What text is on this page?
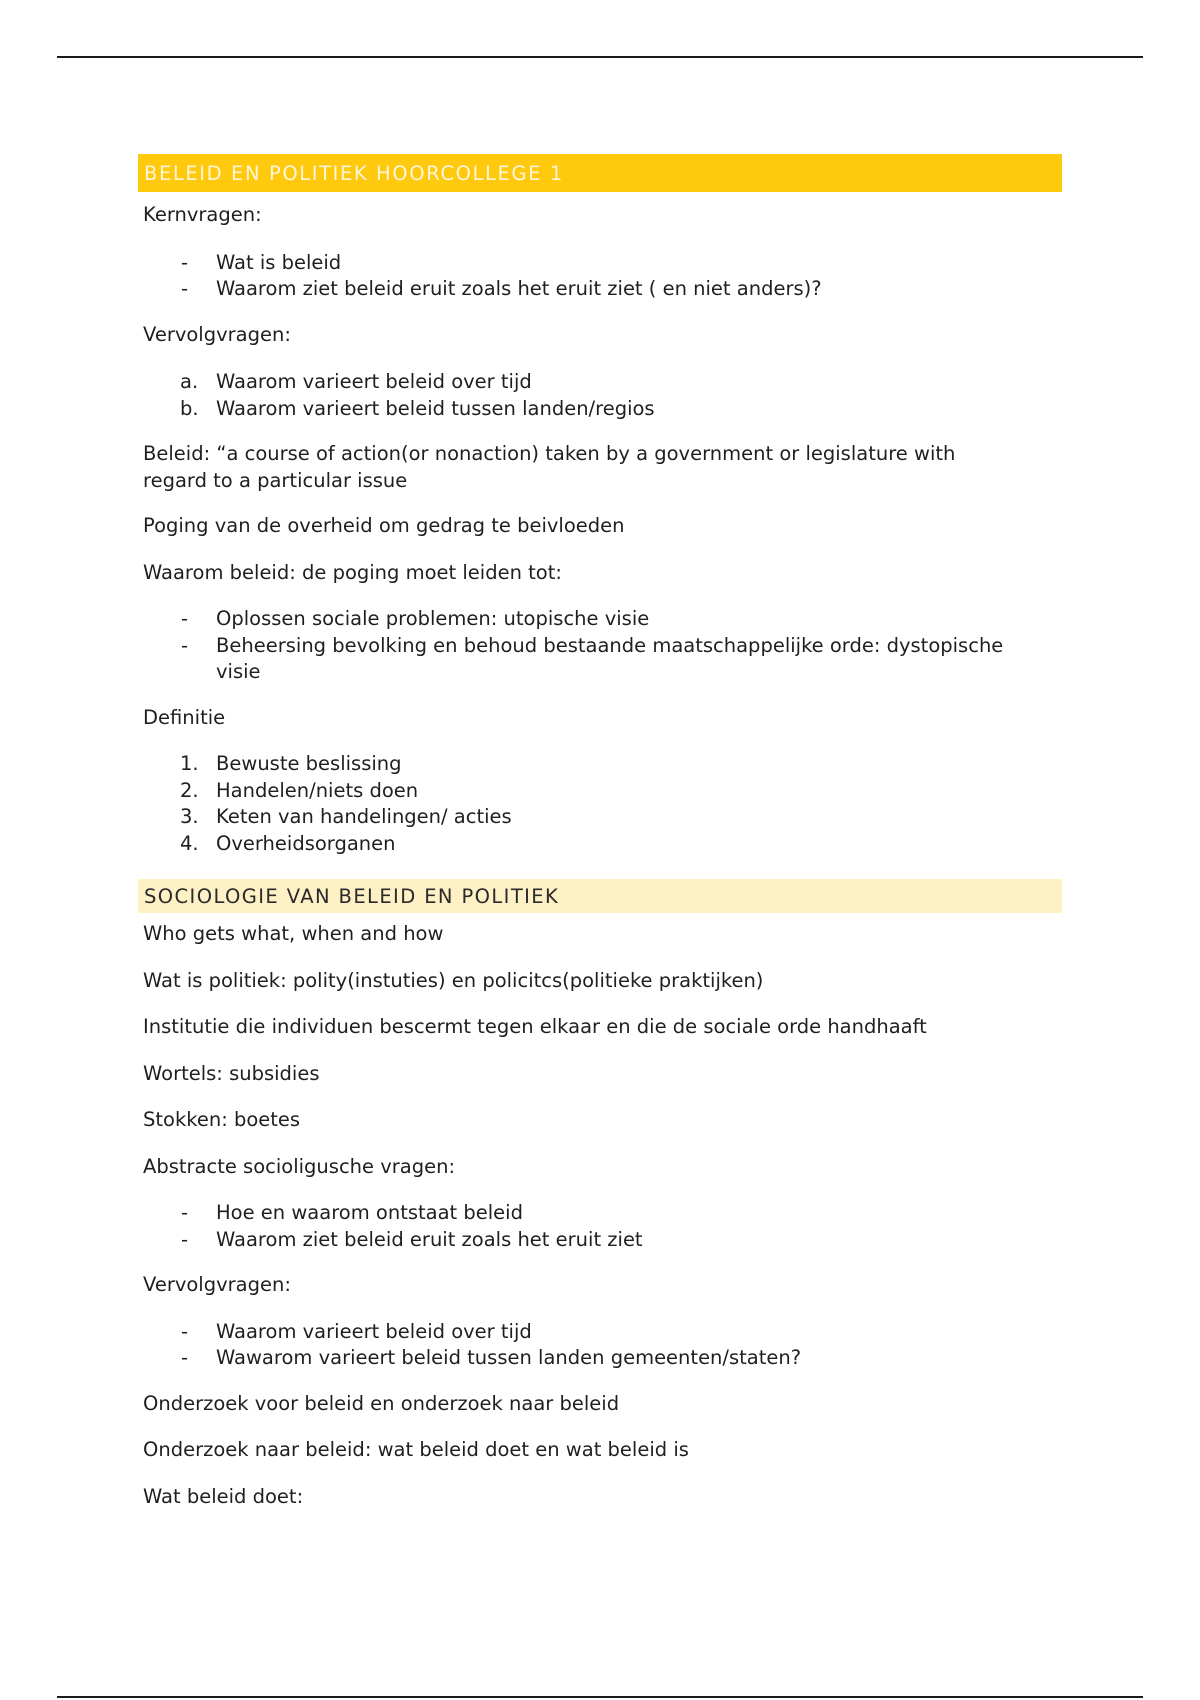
BELEID EN POLITIEK HOORCOLLEGE 1
Kernvragen:
-	Wat is beleid
-	Waarom ziet beleid eruit zoals het eruit ziet ( en niet anders)?
Vervolgvragen:
a. Waarom varieert beleid over tijd
b. Waarom varieert beleid tussen landen/regios
Beleid: “a course of action(or nonaction) taken by a government or legislature with
regard to a particular issue
Poging van de overheid om gedrag te beivloeden
Waarom beleid: de poging moet leiden tot:
-	Oplossen sociale problemen: utopische visie
-	Beheersing bevolking en behoud bestaande maatschappelijke orde: dystopische
visie
Definitie
1. Bewuste beslissing
2. Handelen/niets doen
3. Keten van handelingen/ acties
4. Overheidsorganen
SOCIOLOGIE VAN BELEID EN POLITIEK
Who gets what, when and how
Wat is politiek: polity(instuties) en policitcs(politieke praktijken)
Institutie die individuen bescermt tegen elkaar en die de sociale orde handhaaft
Wortels: subsidies
Stokken: boetes
Abstracte socioligusche vragen:
-	Hoe en waarom ontstaat beleid
-	Waarom ziet beleid eruit zoals het eruit ziet
Vervolgvragen:
-	Waarom varieert beleid over tijd
-	Wawarom varieert beleid tussen landen gemeenten/staten?
Onderzoek voor beleid en onderzoek naar beleid
Onderzoek naar beleid: wat beleid doet en wat beleid is
Wat beleid doet:
